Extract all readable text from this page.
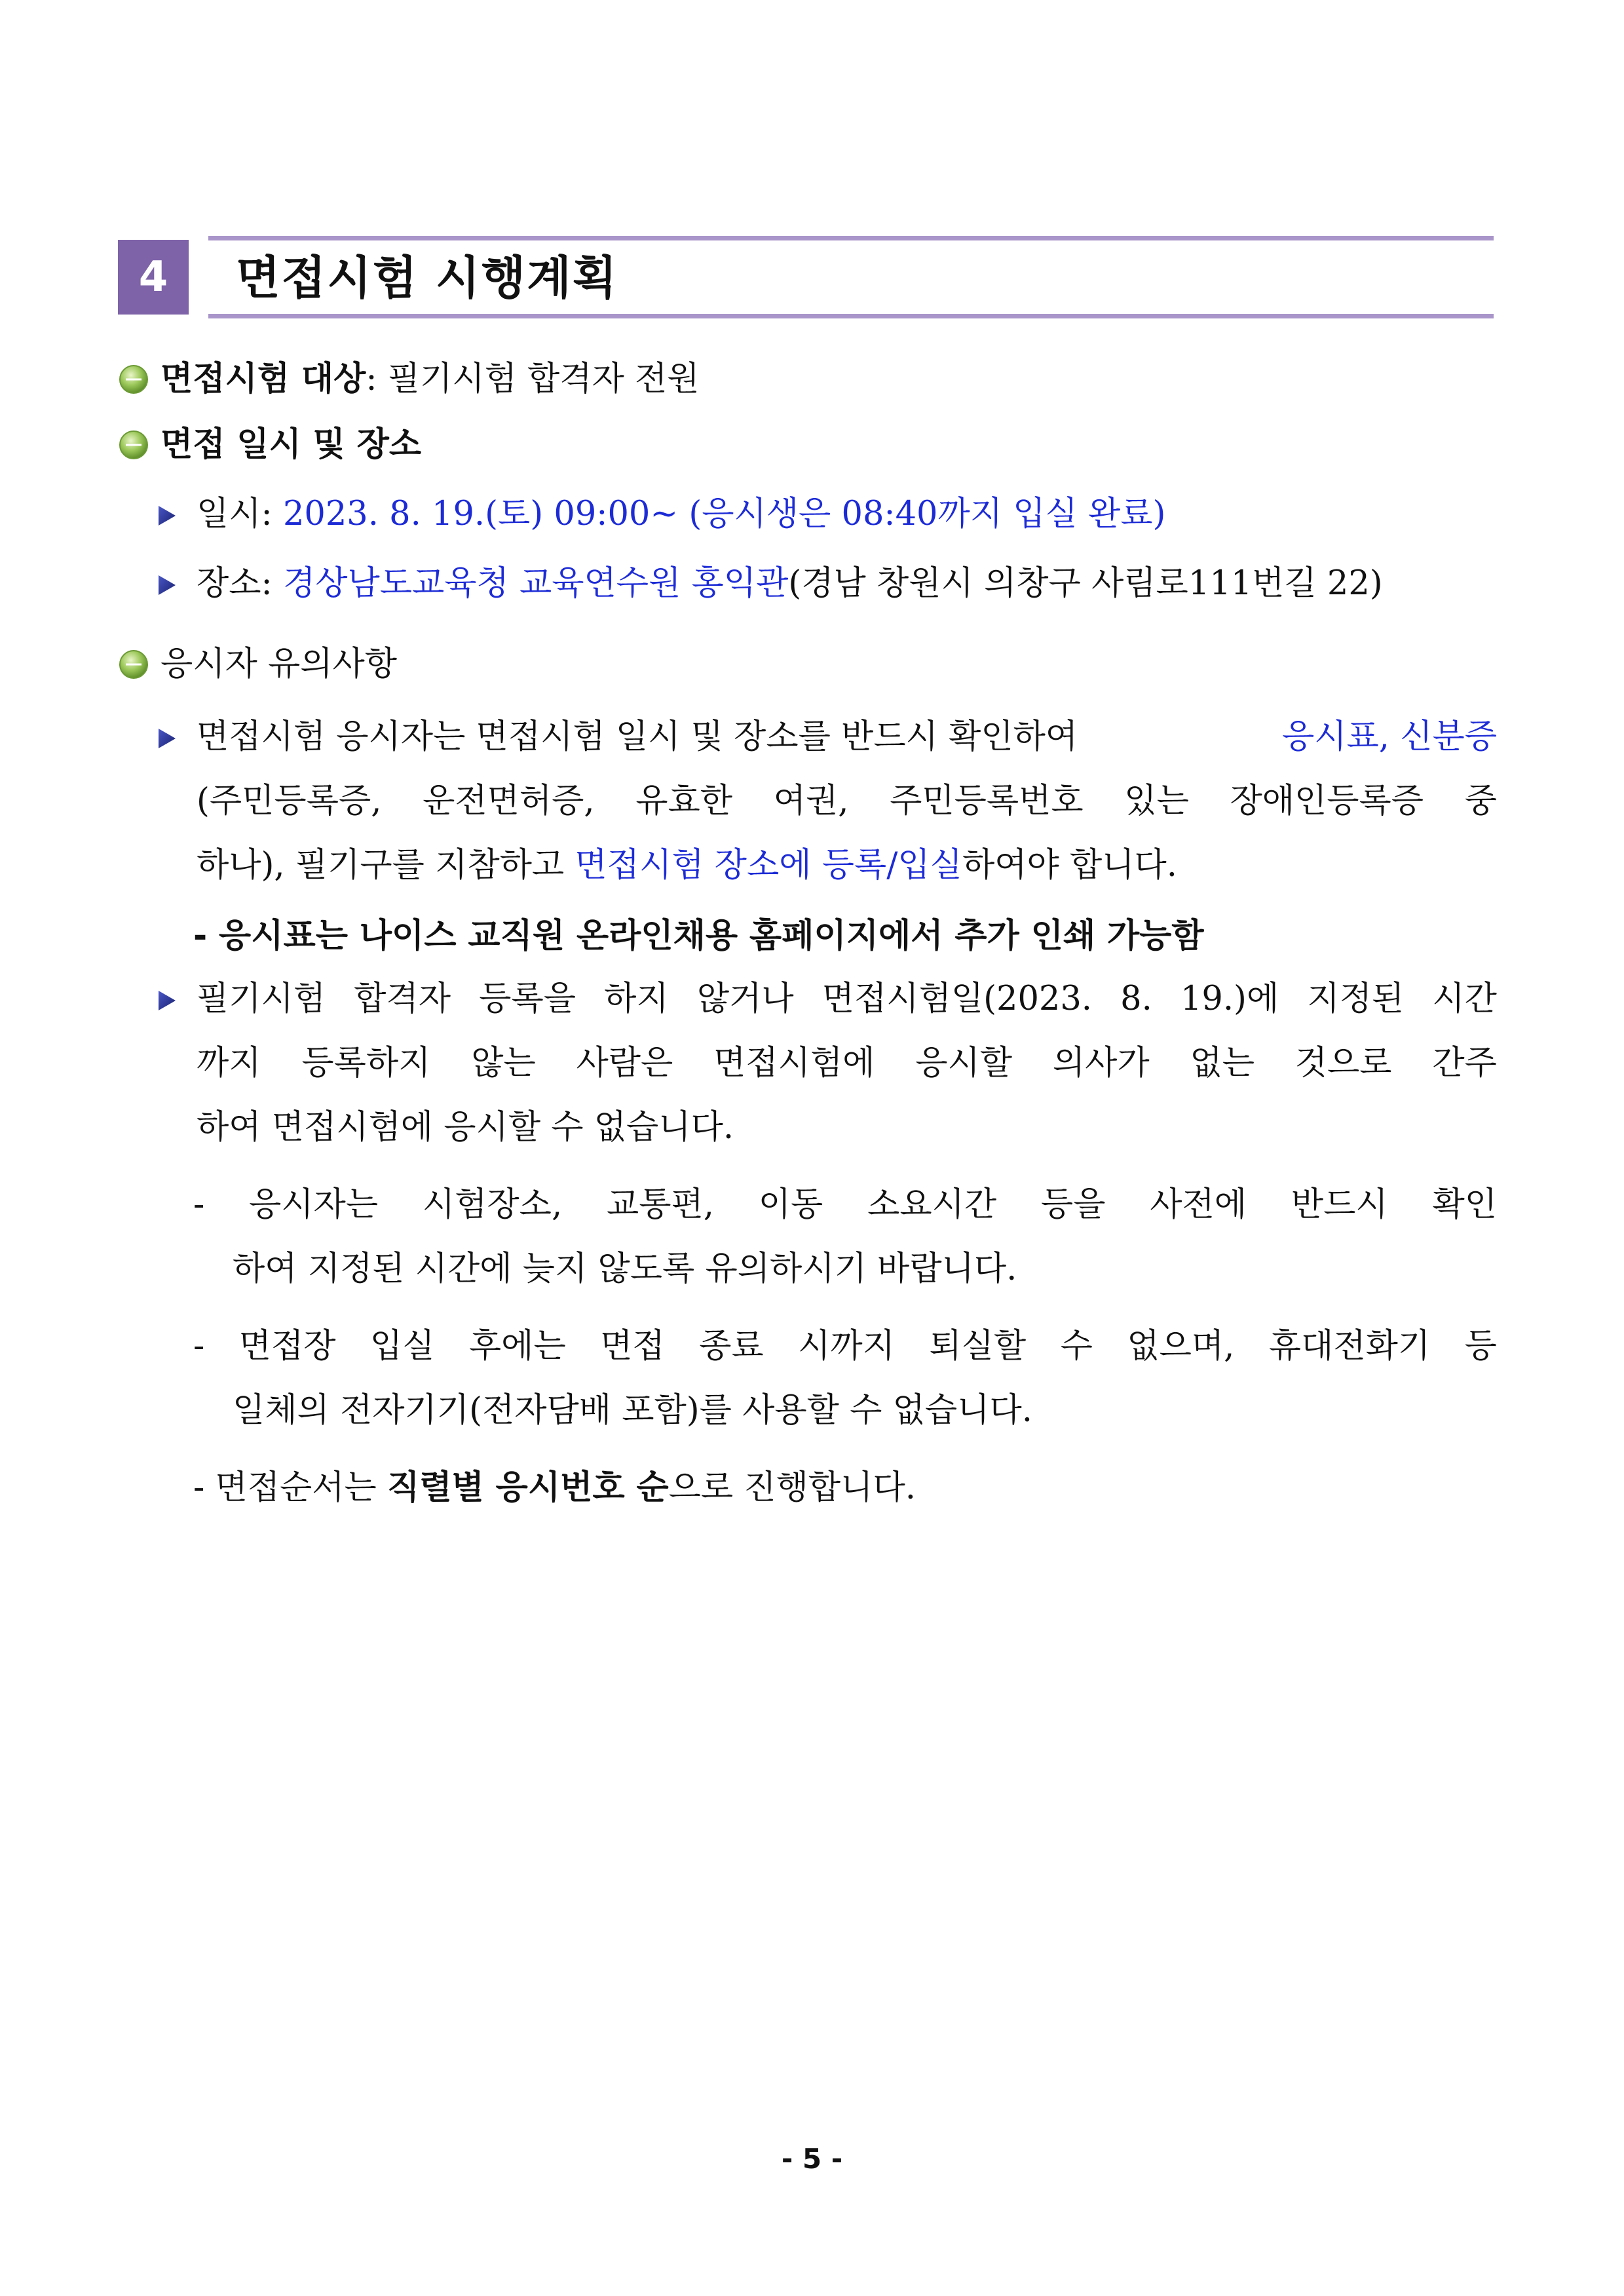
4	면접시험 시행계획
면접시험 대상: 필기시험 합격자 전원
면접 일시 및 장소
일시: 2023. 8. 19.(토) 09:00~ (응시생은 08:40까지 입실 완료)
장소: 경상남도교육청 교육연수원 홍익관(경남 창원시 의창구 사림로111번길 22)
응시자 유의사항
면접시험 응시자는 면접시험 일시 및 장소를 반드시 확인하여	응시표, 신분증
(주민등록증, 운전면허증, 유효한 여권, 주민등록번호 있는 장애인등록증 중
하나), 필기구를 지참하고 면접시험 장소에 등록/입실하여야 합니다.
- 응시표는 나이스 교직원 온라인채용 홈페이지에서 추가 인쇄 가능함
필기시험 합격자 등록을 하지 않거나 면접시험일(2023. 8. 19.)에 지정된 시간
까지 등록하지 않는 사람은 면접시험에 응시할 의사가 없는 것으로 간주
하여 면접시험에 응시할 수 없습니다.
- 응시자는 시험장소, 교통편, 이동 소요시간 등을 사전에 반드시 확인
하여 지정된 시간에 늦지 않도록 유의하시기 바랍니다.
- 면접장 입실 후에는 면접 종료 시까지 퇴실할 수 없으며, 휴대전화기 등
일체의 전자기기(전자담배 포함)를 사용할 수 없습니다.
- 면접순서는 직렬별 응시번호 순으로 진행합니다.
- 5 -
